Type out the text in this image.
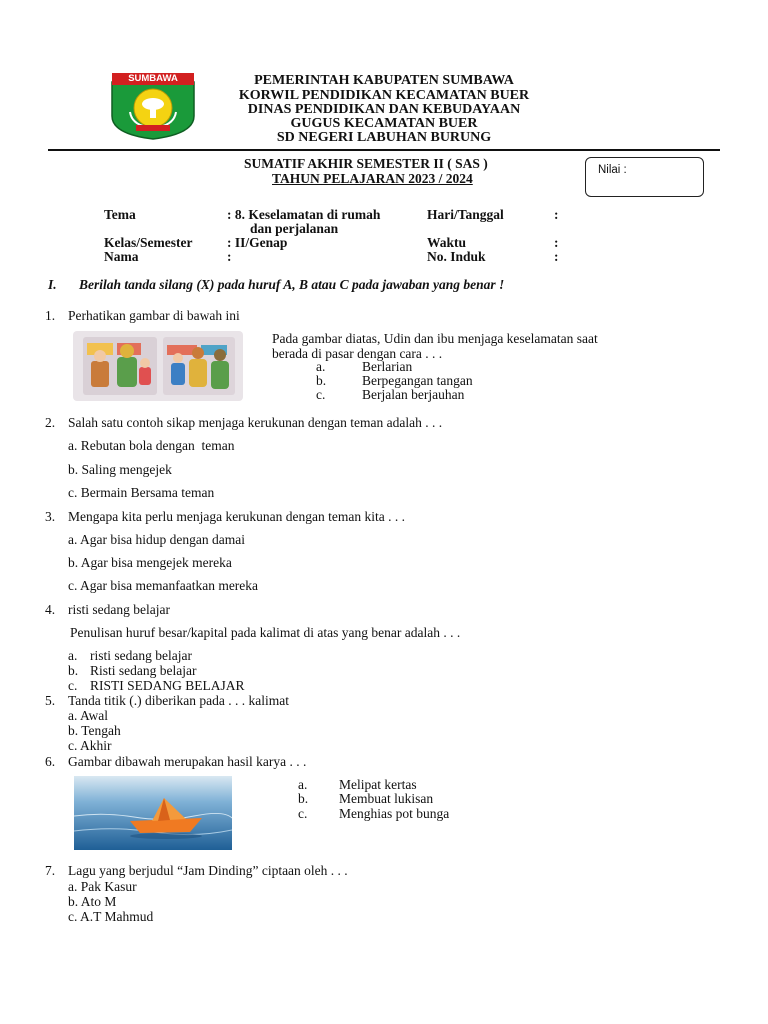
SUMBAWA	PEMERINTAH KABUPATEN SUMBAWA
KORWIL PENDIDIKAN KECAMATAN BUER
DINAS PENDIDIKAN DAN KEBUDAYAAN
GUGUS KECAMATAN BUER
SD NEGERI LABUHAN BURUNG
SUMATIF AKHIR SEMESTER II ( SAS )
TAHUN PELAJARAN 2023 / 2024
Nilai :
Tema	: 8. Keselamatan di rumah
dan perjalanan
Kelas/Semester	: II/Genap
Nama	:
Hari/Tanggal	:
Waktu	:
No. Induk	:
I. Berilah tanda silang (X) pada huruf A, B atau C pada jawaban yang benar !
1. Perhatikan gambar di bawah ini
Pada gambar diatas, Udin dan ibu menjaga keselamatan saat
berada di pasar dengan cara . . .
a.	Berlarian
b.	Berpegangan tangan
c.	Berjalan berjauhan
2. Salah satu contoh sikap menjaga kerukunan dengan teman adalah . . .
a. Rebutan bola dengan  teman
b. Saling mengejek
c. Bermain Bersama teman
3. Mengapa kita perlu menjaga kerukunan dengan teman kita . . .
a. Agar bisa hidup dengan damai
b. Agar bisa mengejek mereka
c. Agar bisa memanfaatkan mereka
4. risti sedang belajar
Penulisan huruf besar/kapital pada kalimat di atas yang benar adalah . . .
a. risti sedang belajar
b. Risti sedang belajar
c. RISTI SEDANG BELAJAR
5. Tanda titik (.) diberikan pada . . . kalimat
a. Awal
b. Tengah
c. Akhir
6. Gambar dibawah merupakan hasil karya . . .
a. Melipat kertas
b. Membuat lukisan
c. Menghias pot bunga
7. Lagu yang berjudul “Jam Dinding” ciptaan oleh . . .
a. Pak Kasur
b. Ato M
c. A.T Mahmud
